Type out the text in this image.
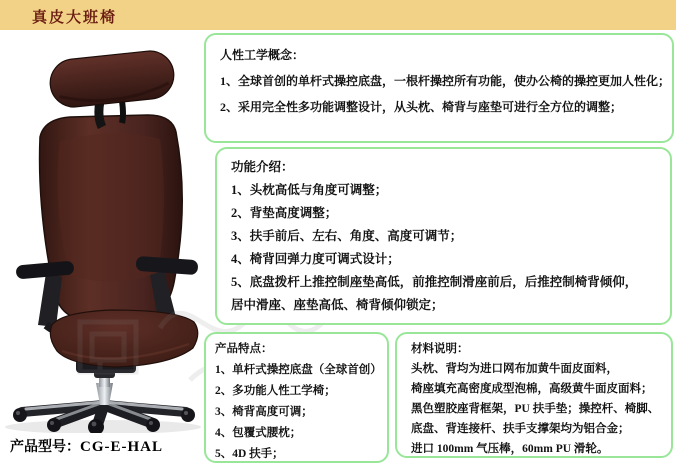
真皮大班椅
人性工学概念：
1、全球首创的单杆式操控底盘，一根杆操控所有功能，使办公椅的操控更加人性化；
2、采用完全性多功能调整设计，从头枕、椅背与座垫可进行全方位的调整；
功能介绍：
1、头枕高低与角度可调整；
2、背垫高度调整；
3、扶手前后、左右、角度、高度可调节；
4、椅背回弹力度可调式设计；
5、底盘拨杆上推控制座垫高低，前推控制滑座前后，后推控制椅背倾仰，
居中滑座、座垫高低、椅背倾仰锁定；
产品特点：
1、单杆式操控底盘（全球首创）
2、多功能人性工学椅；
3、椅背高度可调；
4、包覆式腰枕；
5、4D 扶手；
材料说明：
头枕、背均为进口网布加黄牛面皮面料，
椅座填充高密度成型泡棉，高级黄牛面皮面料；
黑色塑胶座背框架，PU 扶手垫；操控杆、椅脚、
底盘、背连接杆、扶手支撑架均为铝合金；
进口 100mm 气压棒，60mm PU 滑轮。
产品型号：CG-E-HAL
